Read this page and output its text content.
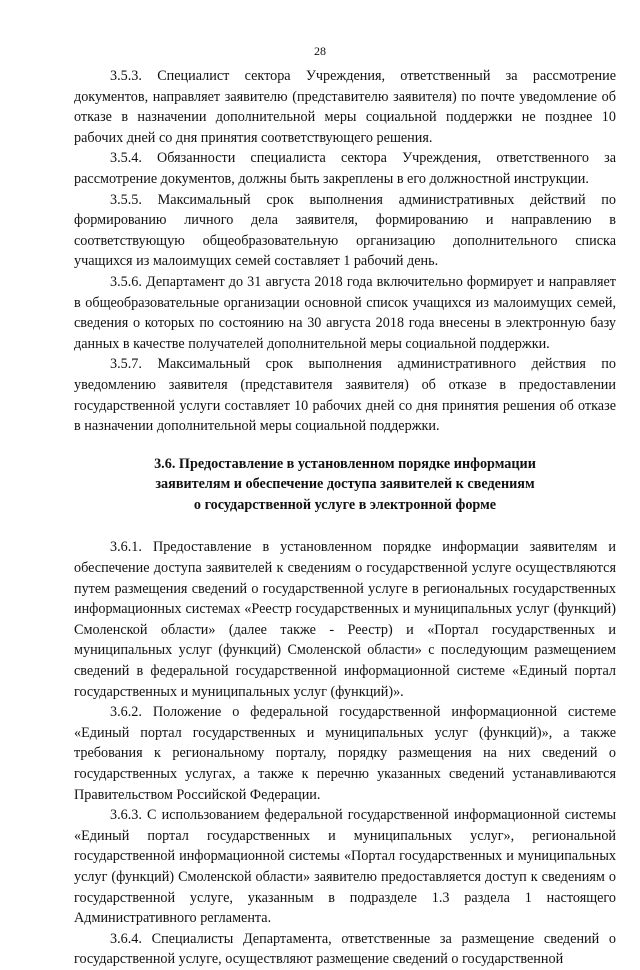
28

3.5.3. Специалист сектора Учреждения, ответственный за рассмотрение документов, направляет заявителю (представителю заявителя) по почте уведомление об отказе в назначении дополнительной меры социальной поддержки не позднее 10 рабочих дней со дня принятия соответствующего решения.

3.5.4. Обязанности специалиста сектора Учреждения, ответственного за рассмотрение документов, должны быть закреплены в его должностной инструкции.

3.5.5. Максимальный срок выполнения административных действий по формированию личного дела заявителя, формированию и направлению в соответствующую общеобразовательную организацию дополнительного списка учащихся из малоимущих семей составляет 1 рабочий день.

3.5.6. Департамент до 31 августа 2018 года включительно формирует и направляет в общеобразовательные организации основной список учащихся из малоимущих семей, сведения о которых по состоянию на 30 августа 2018 года внесены в электронную базу данных в качестве получателей дополнительной меры социальной поддержки.

3.5.7. Максимальный срок выполнения административного действия по уведомлению заявителя (представителя заявителя) об отказе в предоставлении государственной услуги составляет 10 рабочих дней со дня принятия решения об отказе в назначении дополнительной меры социальной поддержки.

3.6. Предоставление в установленном порядке информации
заявителям и обеспечение доступа заявителей к сведениям
о государственной услуге в электронной форме

3.6.1. Предоставление в установленном порядке информации заявителям и обеспечение доступа заявителей к сведениям о государственной услуге осуществляются путем размещения сведений о государственной услуге в региональных государственных информационных системах «Реестр государственных и муниципальных услуг (функций) Смоленской области» (далее также - Реестр) и «Портал государственных и муниципальных услуг (функций) Смоленской области» с последующим размещением сведений в федеральной государственной информационной системе «Единый портал государственных и муниципальных услуг (функций)».

3.6.2. Положение о федеральной государственной информационной системе «Единый портал государственных и муниципальных услуг (функций)», а также требования к региональному порталу, порядку размещения на них сведений о государственных услугах, а также к перечню указанных сведений устанавливаются Правительством Российской Федерации.

3.6.3. С использованием федеральной государственной информационной системы «Единый портал государственных и муниципальных услуг», региональной государственной информационной системы «Портал государственных и муниципальных услуг (функций) Смоленской области» заявителю предоставляется доступ к сведениям о государственной услуге, указанным в подразделе 1.3 раздела 1 настоящего Административного регламента.

3.6.4. Специалисты Департамента, ответственные за размещение сведений о государственной услуге, осуществляют размещение сведений о государственной
